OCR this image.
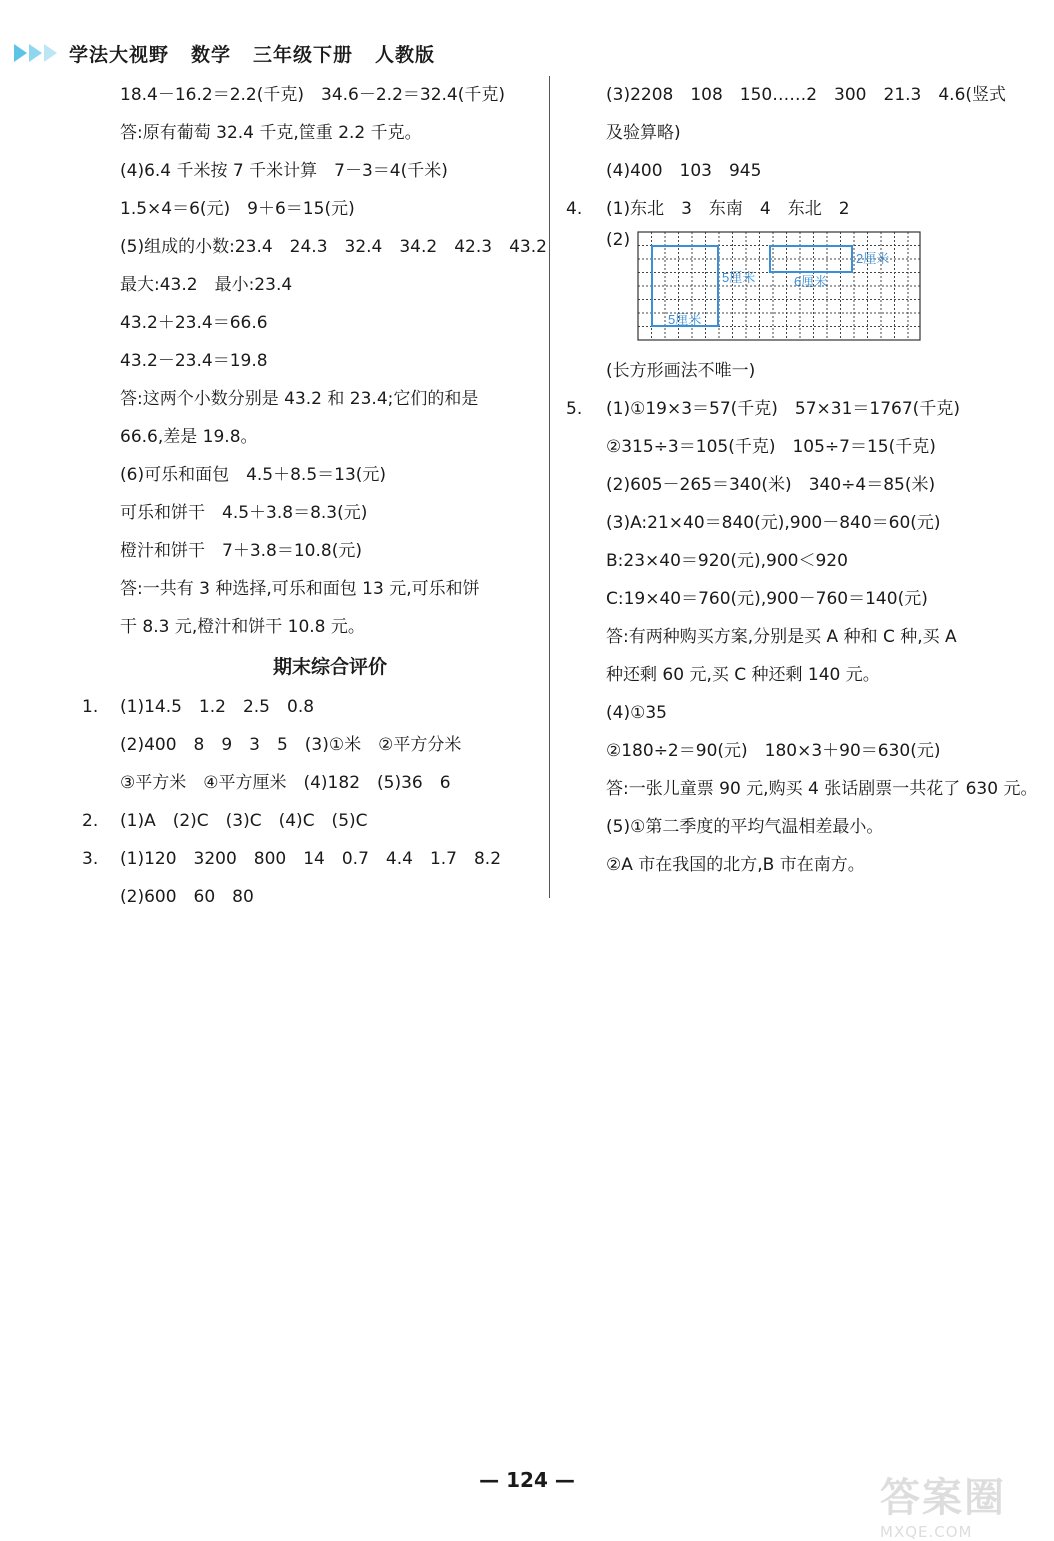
学法大视野 数学 三年级下册 人教版
18.4－16.2＝2.2(千克)　34.6－2.2＝32.4(千克)
答:原有葡萄 32.4 千克,筐重 2.2 千克。
(4)6.4 千米按 7 千米计算　7－3＝4(千米)
1.5×4＝6(元)　9＋6＝15(元)
(5)组成的小数:23.4　24.3　32.4　34.2　42.3　43.2
最大:43.2　最小:23.4
43.2＋23.4＝66.6
43.2－23.4＝19.8
答:这两个小数分别是 43.2 和 23.4;它们的和是
66.6,差是 19.8。
(6)可乐和面包　4.5＋8.5＝13(元)
可乐和饼干　4.5＋3.8＝8.3(元)
橙汁和饼干　7＋3.8＝10.8(元)
答:一共有 3 种选择,可乐和面包 13 元,可乐和饼
干 8.3 元,橙汁和饼干 10.8 元。
期末综合评价
1. (1)14.5　1.2　2.5　0.8
(2)400　8　9　3　5　(3)①米　②平方分米
③平方米　④平方厘米　(4)182　(5)36　6
2. (1)A　(2)C　(3)C　(4)C　(5)C
3. (1)120　3200　800　14　0.7　4.4　1.7　8.2
(2)600　60　80
(3)2208　108　150……2　300　21.3　4.6(竖式
及验算略)
(4)400　103　945
4. (1)东北　3　东南　4　东北　2
(2)
2厘米
5厘米	6厘米
5厘米
(长方形画法不唯一)
5. (1)①19×3＝57(千克)　57×31＝1767(千克)
②315÷3＝105(千克)　105÷7＝15(千克)
(2)605－265＝340(米)　340÷4＝85(米)
(3)A:21×40＝840(元),900－840＝60(元)
B:23×40＝920(元),900＜920
C:19×40＝760(元),900－760＝140(元)
答:有两种购买方案,分别是买 A 种和 C 种,买 A
种还剩 60 元,买 C 种还剩 140 元。
(4)①35
②180÷2＝90(元)　180×3＋90＝630(元)
答:一张儿童票 90 元,购买 4 张话剧票一共花了 630 元。
(5)①第二季度的平均气温相差最小。
②A 市在我国的北方,B 市在南方。
— 124 —	答案圈
MXQE.COM
